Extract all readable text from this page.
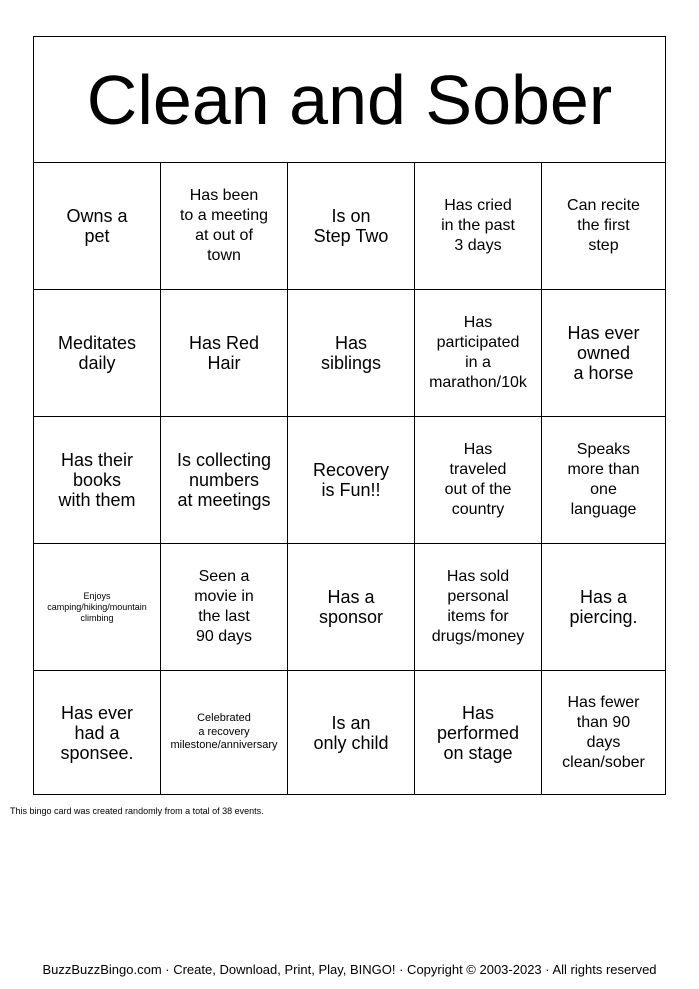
Clean and Sober
Owns a
pet
Has been
to a meeting
at out of
town
Is on
Step Two
Has cried
in the past
3 days
Can recite
the first
step
Meditates
daily
Has Red
Hair
Has
siblings
Has
participated
in a
marathon/10k
Has ever
owned
a horse
Has their
books
with them
Is collecting
numbers
at meetings
Recovery
is Fun!!
Has
traveled
out of the
country
Speaks
more than
one
language
Enjoys
camping/hiking/mountain
climbing
Seen a
movie in
the last
90 days
Has a
sponsor
Has sold
personal
items for
drugs/money
Has a
piercing.
Has ever
had a
sponsee.
Celebrated
a recovery
milestone/anniversary
Is an
only child
Has
performed
on stage
Has fewer
than 90
days
clean/sober
This bingo card was created randomly from a total of 38 events.
BuzzBuzzBingo.com · Create, Download, Print, Play, BINGO! · Copyright © 2003-2023 · All rights reserved
